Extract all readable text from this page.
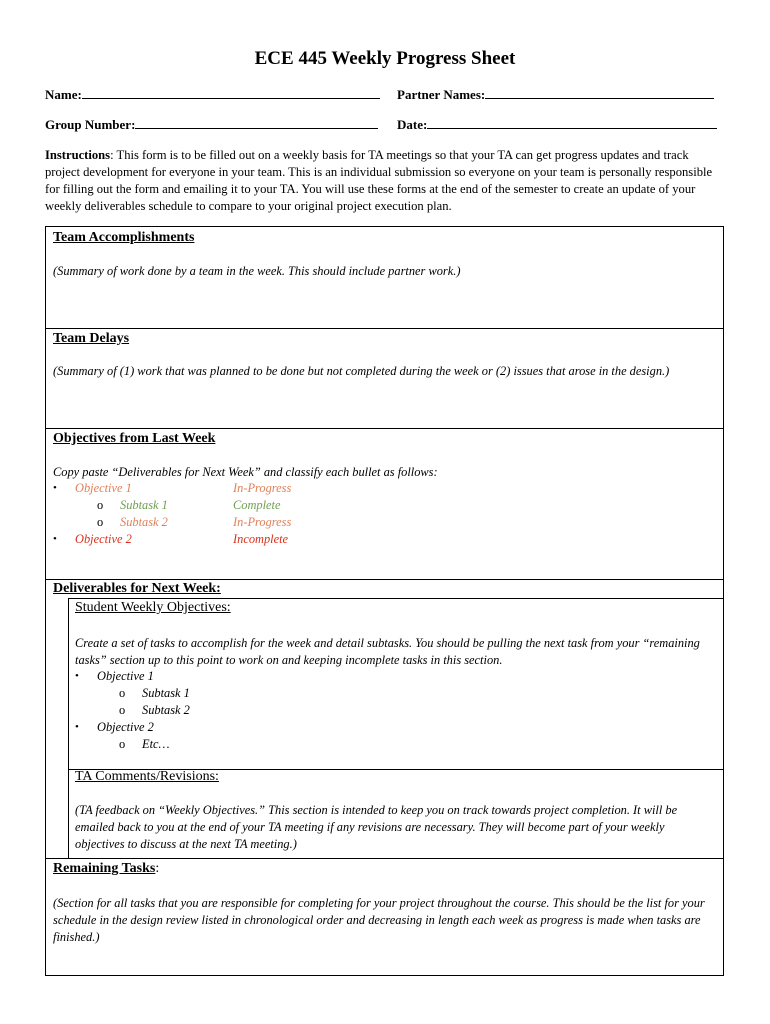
ECE 445 Weekly Progress Sheet
Name:	Partner Names:
Group Number:	Date:
Instructions: This form is to be filled out on a weekly basis for TA meetings so that your TA can get progress updates and track project development for everyone in your team. This is an individual submission so everyone on your team is personally responsible for filling out the form and emailing it to your TA. You will use these forms at the end of the semester to create an update of your weekly deliverables schedule to compare to your original project execution plan.
Team Accomplishments
(Summary of work done by a team in the week. This should include partner work.)
Team Delays
(Summary of (1) work that was planned to be done but not completed during the week or (2) issues that arose in the design.)
Objectives from Last Week
Copy paste “Deliverables for Next Week” and classify each bullet as follows:
• Objective 1	In-Progress
o Subtask 1	Complete
o Subtask 2	In-Progress
• Objective 2	Incomplete
Deliverables for Next Week:
Student Weekly Objectives:
Create a set of tasks to accomplish for the week and detail subtasks. You should be pulling the next task from your “remaining tasks” section up to this point to work on and keeping incomplete tasks in this section.
• Objective 1
o Subtask 1
o Subtask 2
• Objective 2
o Etc…
TA Comments/Revisions:
(TA feedback on “Weekly Objectives.” This section is intended to keep you on track towards project completion. It will be emailed back to you at the end of your TA meeting if any revisions are necessary. They will become part of your weekly objectives to discuss at the next TA meeting.)
Remaining Tasks:
(Section for all tasks that you are responsible for completing for your project throughout the course. This should be the list for your schedule in the design review listed in chronological order and decreasing in length each week as progress is made when tasks are finished.)
